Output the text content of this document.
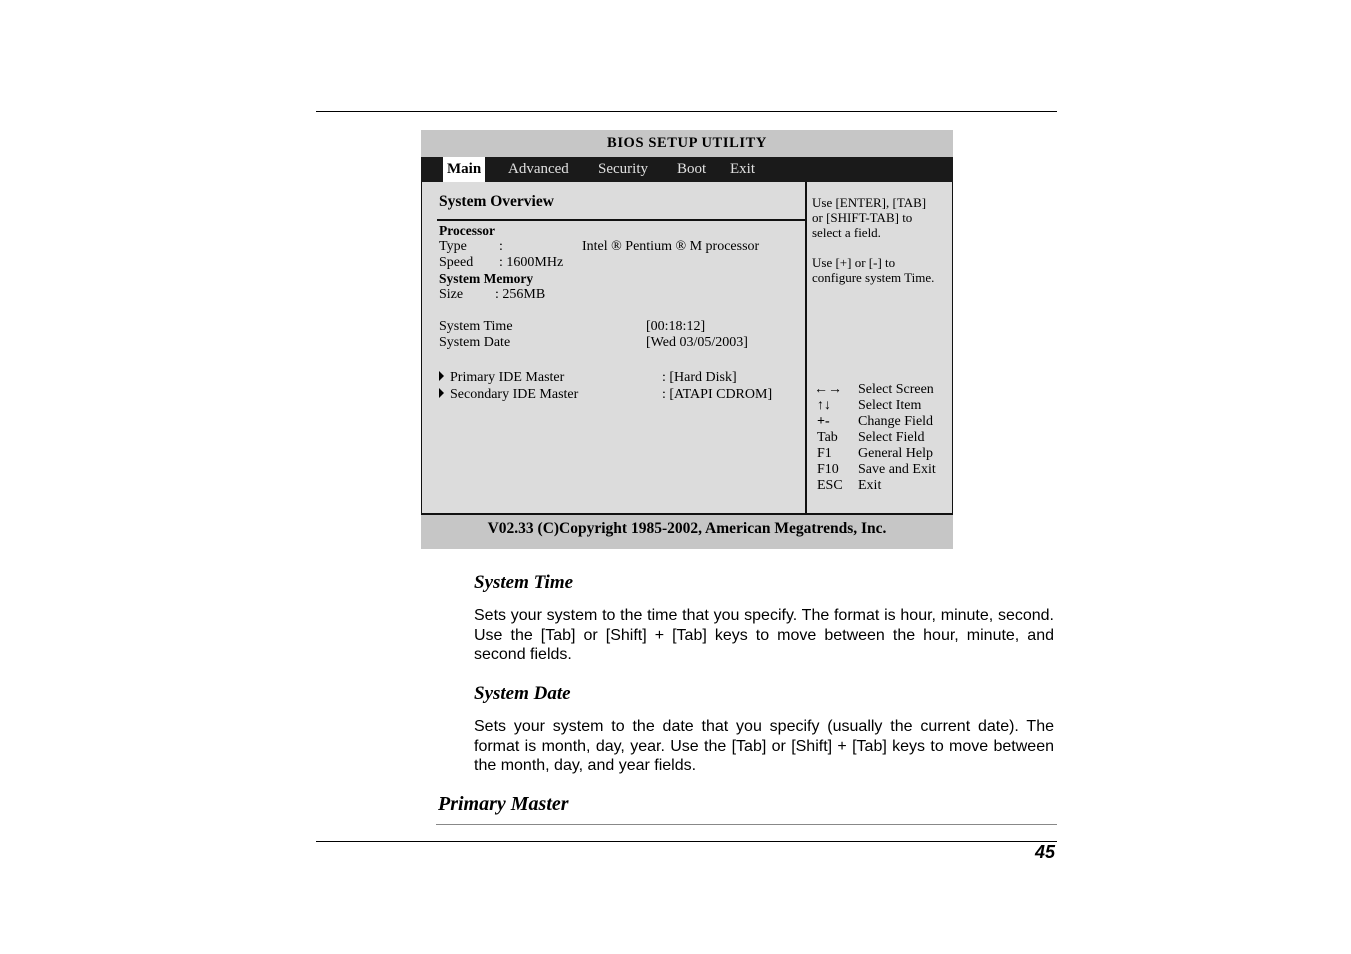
BIOS SETUP UTILITY
Main Advanced Security Boot Exit
System Overview
Processor
Type :	Intel ® Pentium ® M processor
Speed : 1600MHz
System Memory
Size : 256MB
System Time	[00:18:12]
System Date	[Wed 03/05/2003]
Primary IDE Master	: [Hard Disk]
Secondary IDE Master	: [ATAPI CDROM]
Use [ENTER], [TAB]
or [SHIFT-TAB] to
select a field.
Use [+] or [-] to
configure system Time.
←→ Select Screen
↑↓ Select Item
+- Change Field
Tab Select Field
F1 General Help
F10 Save and Exit
ESC Exit
V02.33 (C)Copyright 1985-2002, American Megatrends, Inc.
System Time
Sets your system to the time that you specify. The format is hour, minute, second. Use the [Tab] or [Shift] + [Tab] keys to move between the hour, minute, and second fields.
System Date
Sets your system to the date that you specify (usually the current date). The format is month, day, year. Use the [Tab] or [Shift] + [Tab] keys to move between the month, day, and year fields.
Primary Master
45
